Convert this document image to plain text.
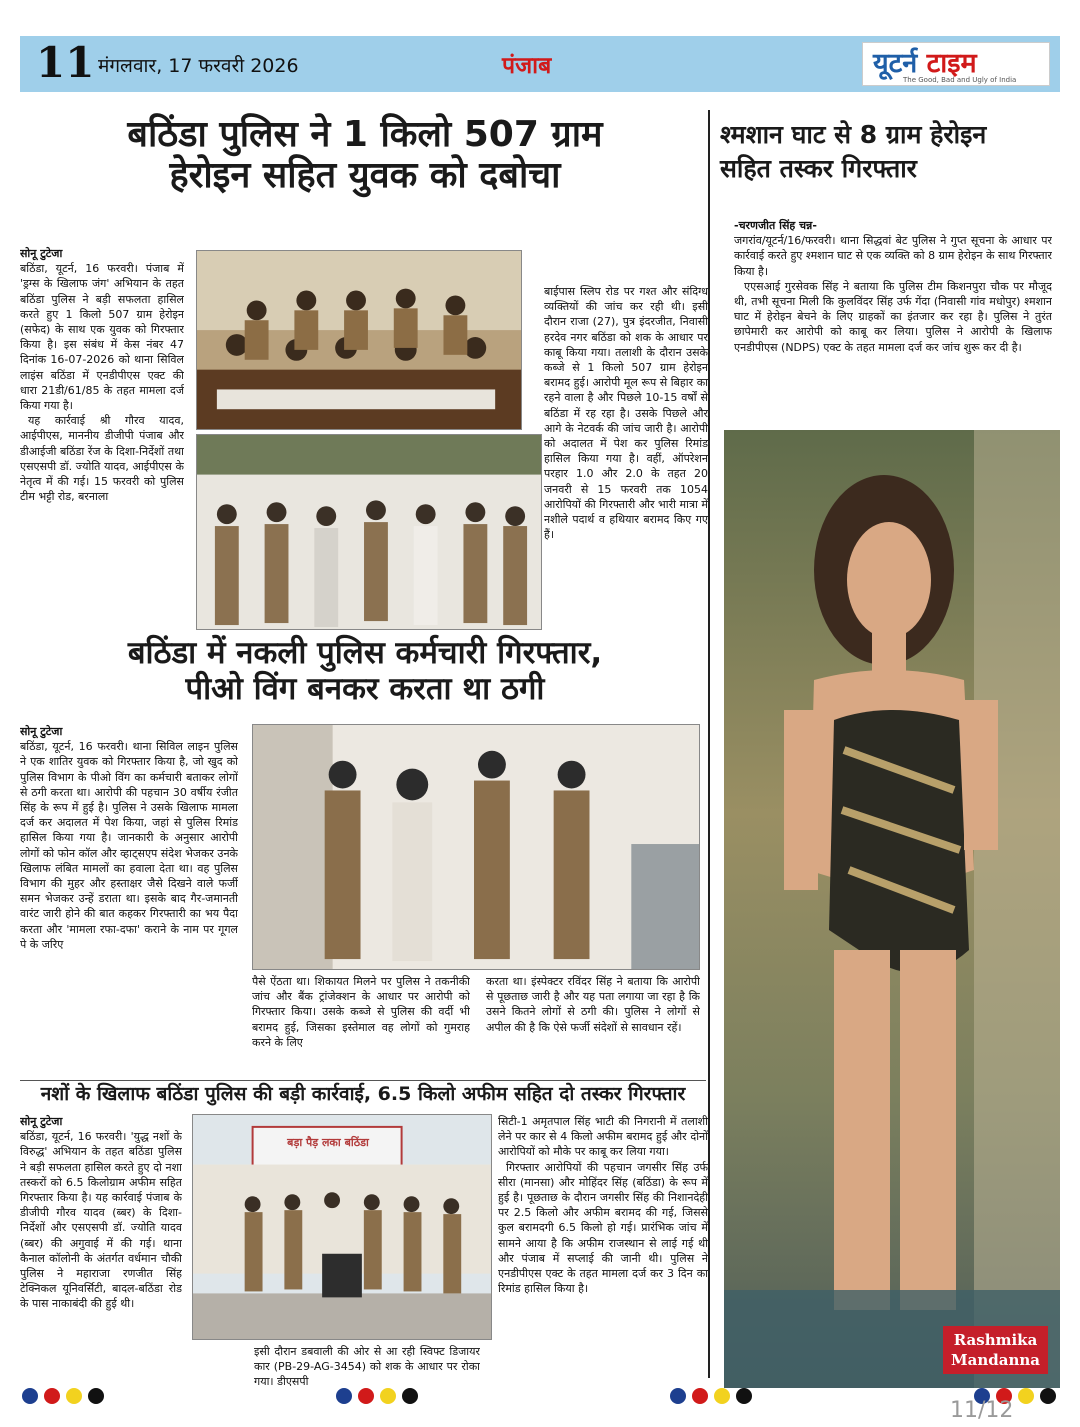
11 मंगलवार, 17 फरवरी 2026	पंजाब	यूटर्न टाइम
The Good, Bad and Ugly of India
बठिंडा पुलिस ने 1 किलो 507 ग्राम
हेरोइन सहित युवक को दबोचा

सोनू टुटेजा

बठिंडा, यूटर्न, 16 फरवरी। पंजाब में 'ड्रग्स के खिलाफ जंग' अभियान के तहत बठिंडा पुलिस ने बड़ी सफलता हासिल करते हुए 1 किलो 507 ग्राम हेरोइन (सफेद) के साथ एक युवक को गिरफ्तार किया है। इस संबंध में केस नंबर 47 दिनांक 16-07-2026 को थाना सिविल लाइंस बठिंडा में एनडीपीएस एक्ट की धारा 21डी/61/85 के तहत मामला दर्ज किया गया है।

यह कार्रवाई श्री गौरव यादव, आईपीएस, माननीय डीजीपी पंजाब और डीआईजी बठिंडा रेंज के दिशा-निर्देशों तथा एसएसपी डॉ. ज्योति यादव, आईपीएस के नेतृत्व में की गई। 15 फरवरी को पुलिस टीम भट्टी रोड, बरनाला

बाईपास स्लिप रोड पर गश्त और संदिग्ध व्यक्तियों की जांच कर रही थी। इसी दौरान राजा (27), पुत्र इंदरजीत, निवासी हरदेव नगर बठिंडा को शक के आधार पर काबू किया गया। तलाशी के दौरान उसके कब्जे से 1 किलो 507 ग्राम हेरोइन बरामद हुई। आरोपी मूल रूप से बिहार का रहने वाला है और पिछले 10-15 वर्षों से बठिंडा में रह रहा है। उसके पिछले और आगे के नेटवर्क की जांच जारी है। आरोपी को अदालत में पेश कर पुलिस रिमांड हासिल किया गया है। वहीं, ऑपरेशन परहार 1.0 और 2.0 के तहत 20 जनवरी से 15 फरवरी तक 1054 आरोपियों की गिरफ्तारी और भारी मात्रा में नशीले पदार्थ व हथियार बरामद किए गए हैं।

बठिंडा में नकली पुलिस कर्मचारी गिरफ्तार,
पीओ विंग बनकर करता था ठगी

सोनू टुटेजा

बठिंडा, यूटर्न, 16 फरवरी। थाना सिविल लाइन पुलिस ने एक शातिर युवक को गिरफ्तार किया है, जो खुद को पुलिस विभाग के पीओ विंग का कर्मचारी बताकर लोगों से ठगी करता था। आरोपी की पहचान 30 वर्षीय रंजीत सिंह के रूप में हुई है। पुलिस ने उसके खिलाफ मामला दर्ज कर अदालत में पेश किया, जहां से पुलिस रिमांड हासिल किया गया है। जानकारी के अनुसार आरोपी लोगों को फोन कॉल और व्हाट्सएप संदेश भेजकर उनके खिलाफ लंबित मामलों का हवाला देता था। वह पुलिस विभाग की मुहर और हस्ताक्षर जैसे दिखने वाले फर्जी समन भेजकर उन्हें डराता था। इसके बाद गैर-जमानती वारंट जारी होने की बात कहकर गिरफ्तारी का भय पैदा करता और 'मामला रफा-दफा' कराने के नाम पर गूगल पे के जरिए

पैसे ऐंठता था। शिकायत मिलने पर पुलिस ने तकनीकी जांच और बैंक ट्रांजेक्शन के आधार पर आरोपी को गिरफ्तार किया। उसके कब्जे से पुलिस की वर्दी भी बरामद हुई, जिसका इस्तेमाल वह लोगों को गुमराह करने के लिए

करता था। इंस्पेक्टर रविंदर सिंह ने बताया कि आरोपी से पूछताछ जारी है और यह पता लगाया जा रहा है कि उसने कितने लोगों से ठगी की। पुलिस ने लोगों से अपील की है कि ऐसे फर्जी संदेशों से सावधान रहें।

नशों के खिलाफ बठिंडा पुलिस की बड़ी कार्रवाई, 6.5 किलो अफीम सहित दो तस्कर गिरफ्तार

सोनू टुटेजा

बठिंडा, यूटर्न, 16 फरवरी। 'युद्ध नशों के विरुद्ध' अभियान के तहत बठिंडा पुलिस ने बड़ी सफलता हासिल करते हुए दो नशा तस्करों को 6.5 किलोग्राम अफीम सहित गिरफ्तार किया है। यह कार्रवाई पंजाब के डीजीपी गौरव यादव (ब्बर) के दिशा-निर्देशों और एसएसपी डॉ. ज्योति यादव (ब्बर) की अगुवाई में की गई। थाना कैनाल कॉलोनी के अंतर्गत वर्धमान चौकी पुलिस ने महाराजा रणजीत सिंह टेक्निकल यूनिवर्सिटी, बादल-बठिंडा रोड के पास नाकाबंदी की हुई थी।

बड़ा पैड़ लका बठिंडा

इसी दौरान डबवाली की ओर से आ रही स्विफ्ट डिजायर कार (PB-29-AG-3454) को शक के आधार पर रोका गया। डीएसपी

सिटी-1 अमृतपाल सिंह भाटी की निगरानी में तलाशी लेने पर कार से 4 किलो अफीम बरामद हुई और दोनों आरोपियों को मौके पर काबू कर लिया गया।

गिरफ्तार आरोपियों की पहचान जगसीर सिंह उर्फ सीरा (मानसा) और मोहिंदर सिंह (बठिंडा) के रूप में हुई है। पूछताछ के दौरान जगसीर सिंह की निशानदेही पर 2.5 किलो और अफीम बरामद की गई, जिससे कुल बरामदगी 6.5 किलो हो गई। प्रारंभिक जांच में सामने आया है कि अफीम राजस्थान से लाई गई थी और पंजाब में सप्लाई की जानी थी। पुलिस ने एनडीपीएस एक्ट के तहत मामला दर्ज कर 3 दिन का रिमांड हासिल किया है।

श्मशान घाट से 8 ग्राम हेरोइन
सहित तस्कर गिरफ्तार

-चरणजीत सिंह चन्न-

जगरांव/यूटर्न/16/फरवरी। थाना सिद्धवां बेट पुलिस ने गुप्त सूचना के आधार पर कार्रवाई करते हुए श्मशान घाट से एक व्यक्ति को 8 ग्राम हेरोइन के साथ गिरफ्तार किया है।

एएसआई गुरसेवक सिंह ने बताया कि पुलिस टीम किशनपुरा चौक पर मौजूद थी, तभी सूचना मिली कि कुलविंदर सिंह उर्फ गेंदा (निवासी गांव मधोपुर) श्मशान घाट में हेरोइन बेचने के लिए ग्राहकों का इंतजार कर रहा है। पुलिस ने तुरंत छापेमारी कर आरोपी को काबू कर लिया। पुलिस ने आरोपी के खिलाफ एनडीपीएस (NDPS) एक्ट के तहत मामला दर्ज कर जांच शुरू कर दी है।

Rashmika
Mandanna
11/12
